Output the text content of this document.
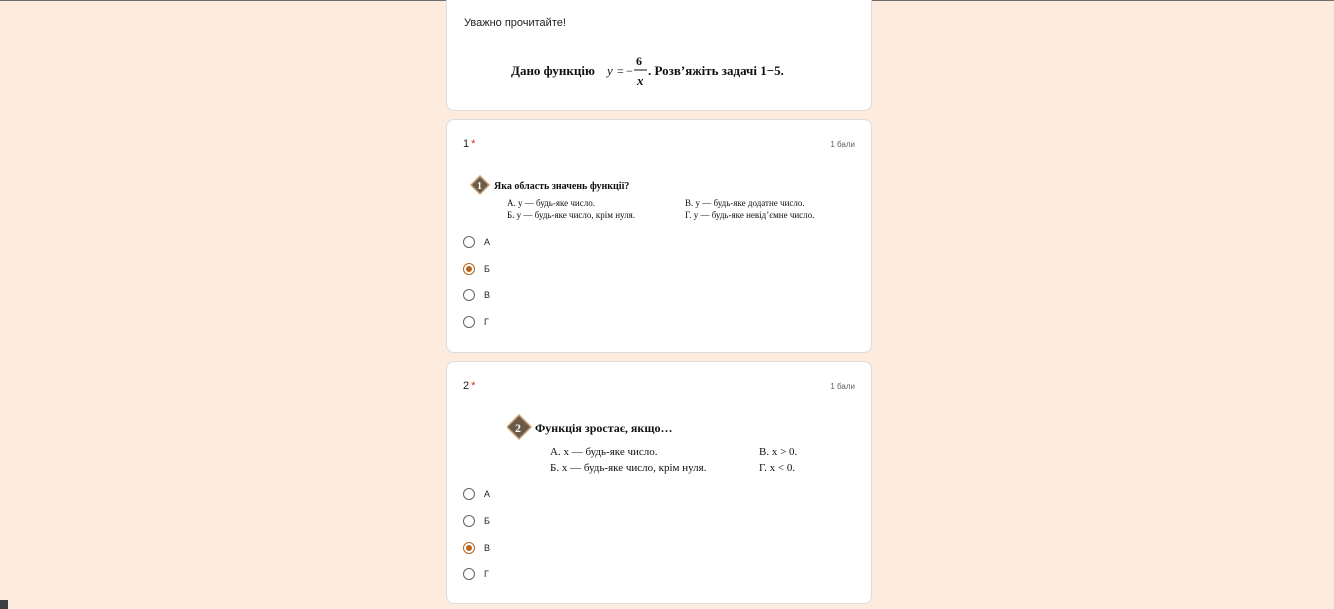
Уважно прочитайте!
Дано функцію y = −
6
x
. Розв’яжіть задачі 1−5.
1 *	1 бали
1 Яка область значень функції?
А. y — будь-яке число.
Б. y — будь-яке число, крім нуля.
В. y — будь-яке додатне число.
Г. y — будь-яке невід’ємне число.
А
Б
В
Г
2 *	1 бали
2 Функція зростає, якщо…
А. x — будь-яке число.
Б. x — будь-яке число, крім нуля.
В. x > 0.
Г. x < 0.
А
Б
В
Г
